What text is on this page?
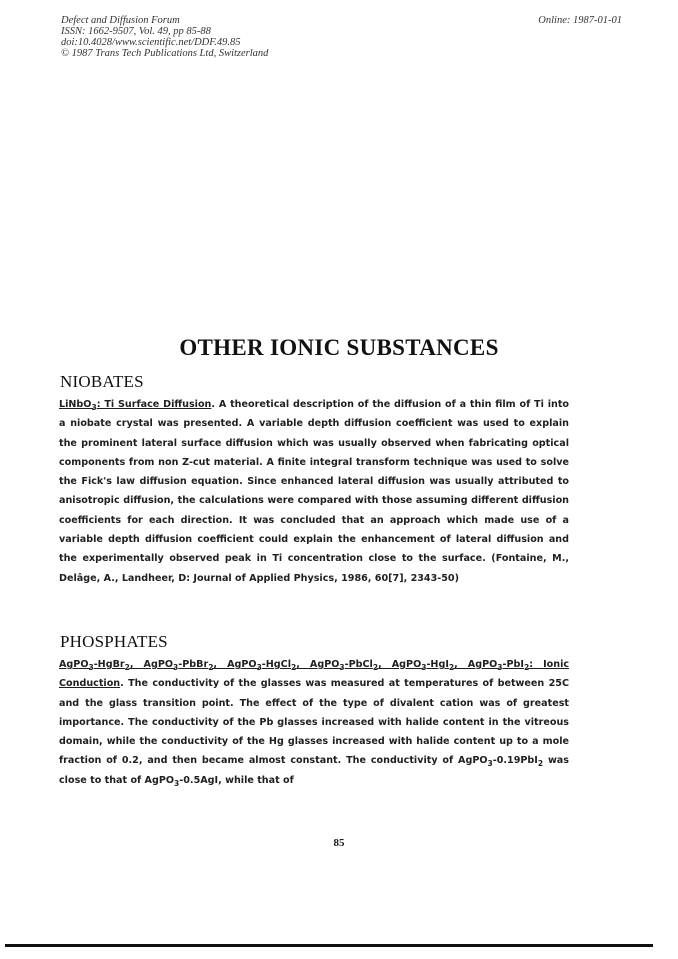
Defect and Diffusion Forum
ISSN: 1662-9507, Vol. 49, pp 85-88
doi:10.4028/www.scientific.net/DDF.49.85
© 1987 Trans Tech Publications Ltd, Switzerland
Online: 1987-01-01
OTHER IONIC SUBSTANCES
NIOBATES

LiNbO$_3$: Ti Surface Diffusion. A theoretical description of the diffusion of a thin film of Ti into a niobate crystal was presented. A variable depth diffusion coefficient was used to explain the prominent lateral surface diffusion which was usually observed when fabricating optical components from non Z-cut material. A finite integral transform technique was used to solve the Fick's law diffusion equation. Since enhanced lateral diffusion was usually attributed to anisotropic diffusion, the calculations were compared with those assuming different diffusion coefficients for each direction. It was concluded that an approach which made use of a variable depth diffusion coefficient could explain the enhancement of lateral diffusion and the experimentally observed peak in Ti concentration close to the surface. (Fontaine, M., Delâge, A., Landheer, D: Journal of Applied Physics, 1986, 60[7], 2343-50)

PHOSPHATES

AgPO$_3$-HgBr$_2$, AgPO$_3$-PbBr$_2$, AgPO$_3$-HgCl$_2$, AgPO$_3$-PbCl$_2$, AgPO$_3$-HgI$_2$, AgPO$_3$-PbI$_2$: Ionic Conduction. The conductivity of the glasses was measured at temperatures of between 25C and the glass transition point. The effect of the type of divalent cation was of greatest importance. The conductivity of the Pb glasses increased with halide content in the vitreous domain, while the conductivity of the Hg glasses increased with halide content up to a mole fraction of 0.2, and then became almost constant. The conductivity of AgPO$_3$-0.19PbI$_2$ was close to that of AgPO$_3$-0.5AgI, while that of

85
